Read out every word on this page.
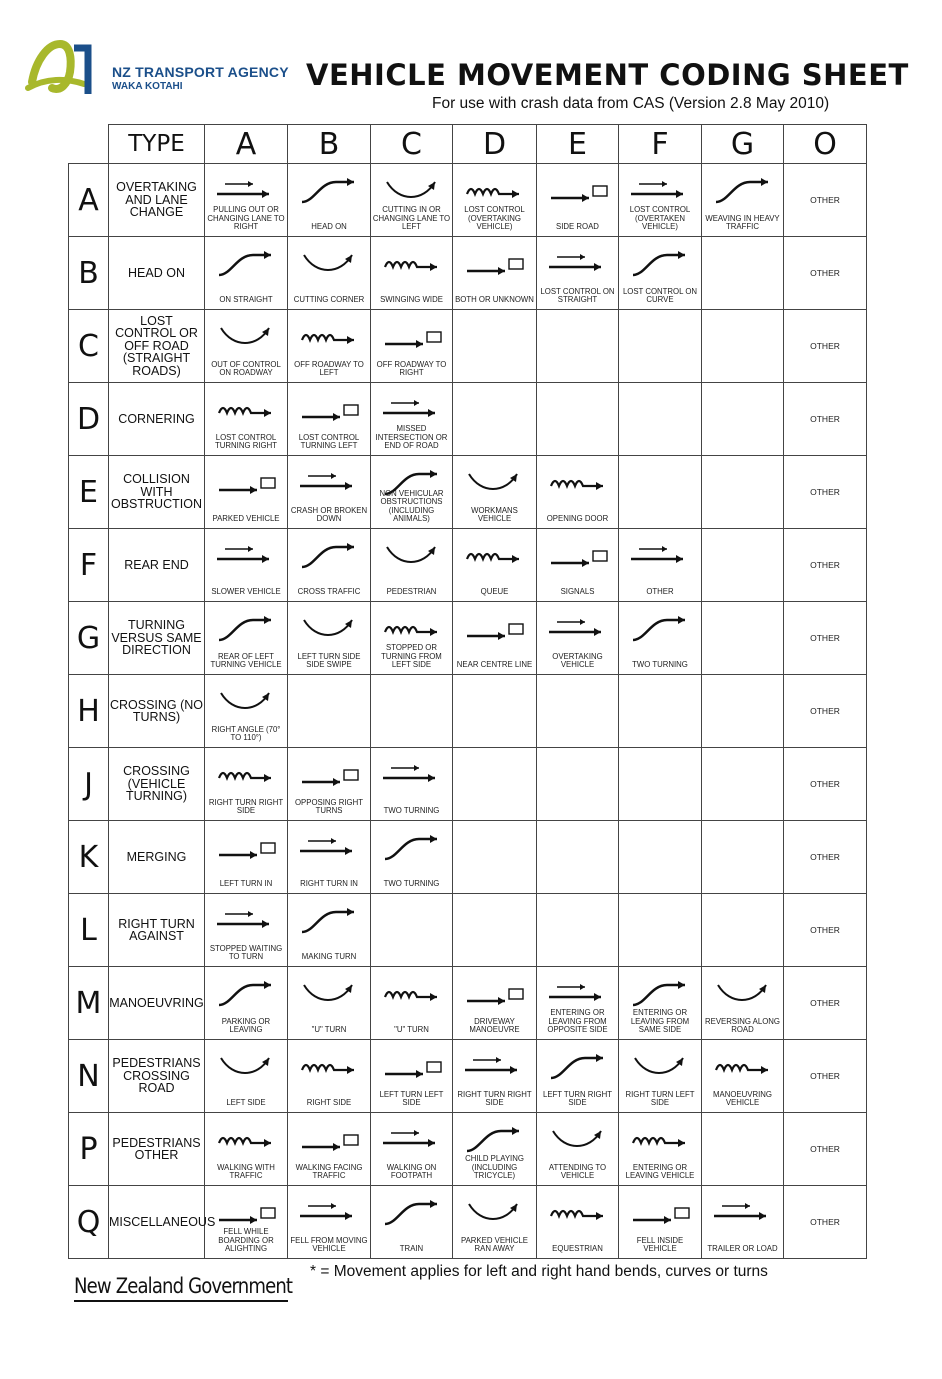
NZ TRANSPORT AGENCY
WAKA KOTAHI	VEHICLE MOVEMENT CODING SHEET
For use with crash data from CAS (Version 2.8 May 2010)
	TYPE	A	B	C	D	E	F	G	O
A	OVERTAKING AND LANE CHANGE	PULLING OUT OR CHANGING LANE TO RIGHT	HEAD ON	CUTTING IN OR CHANGING LANE TO LEFT	LOST CONTROL (OVERTAKING VEHICLE)	SIDE ROAD	LOST CONTROL (OVERTAKEN VEHICLE)	WEAVING IN HEAVY TRAFFIC	OTHER
B	HEAD ON	ON STRAIGHT	CUTTING CORNER	SWINGING WIDE	BOTH OR UNKNOWN	LOST CONTROL ON STRAIGHT	LOST CONTROL ON CURVE		OTHER
C	LOST CONTROL OR OFF ROAD (STRAIGHT ROADS)	OUT OF CONTROL ON ROADWAY	OFF ROADWAY TO LEFT	OFF ROADWAY TO RIGHT					OTHER
D	CORNERING	LOST CONTROL TURNING RIGHT	LOST CONTROL TURNING LEFT	MISSED INTERSECTION OR END OF ROAD					OTHER
E	COLLISION WITH OBSTRUCTION	PARKED VEHICLE	CRASH OR BROKEN DOWN	NON VEHICULAR OBSTRUCTIONS (INCLUDING ANIMALS)	WORKMANS VEHICLE	OPENING DOOR			OTHER
F	REAR END	SLOWER VEHICLE	CROSS TRAFFIC	PEDESTRIAN	QUEUE	SIGNALS	OTHER		OTHER
G	TURNING VERSUS SAME DIRECTION	REAR OF LEFT TURNING VEHICLE	LEFT TURN SIDE SIDE SWIPE	STOPPED OR TURNING FROM LEFT SIDE	NEAR CENTRE LINE	OVERTAKING VEHICLE	TWO TURNING		OTHER
H	CROSSING (NO TURNS)	RIGHT ANGLE (70° TO 110°)							OTHER
J	CROSSING (VEHICLE TURNING)	RIGHT TURN RIGHT SIDE	OPPOSING RIGHT TURNS	TWO TURNING					OTHER
K	MERGING	LEFT TURN IN	RIGHT TURN IN	TWO TURNING					OTHER
L	RIGHT TURN AGAINST	STOPPED WAITING TO TURN	MAKING TURN						OTHER
M	MANOEUVRING	PARKING OR LEAVING	"U" TURN	"U" TURN	DRIVEWAY MANOEUVRE	ENTERING OR LEAVING FROM OPPOSITE SIDE	ENTERING OR LEAVING FROM SAME SIDE	REVERSING ALONG ROAD	OTHER
N	PEDESTRIANS CROSSING ROAD	LEFT SIDE	RIGHT SIDE	LEFT TURN LEFT SIDE	RIGHT TURN RIGHT SIDE	LEFT TURN RIGHT SIDE	RIGHT TURN LEFT SIDE	MANOEUVRING VEHICLE	OTHER
P	PEDESTRIANS OTHER	WALKING WITH TRAFFIC	WALKING FACING TRAFFIC	WALKING ON FOOTPATH	CHILD PLAYING (INCLUDING TRICYCLE)	ATTENDING TO VEHICLE	ENTERING OR LEAVING VEHICLE		OTHER
Q	MISCELLANEOUS	FELL WHILE BOARDING OR ALIGHTING	FELL FROM MOVING VEHICLE	TRAIN	PARKED VEHICLE RAN AWAY	EQUESTRIAN	FELL INSIDE VEHICLE	TRAILER OR LOAD	OTHER
* = Movement applies for left and right hand bends, curves or turns
New Zealand Government
